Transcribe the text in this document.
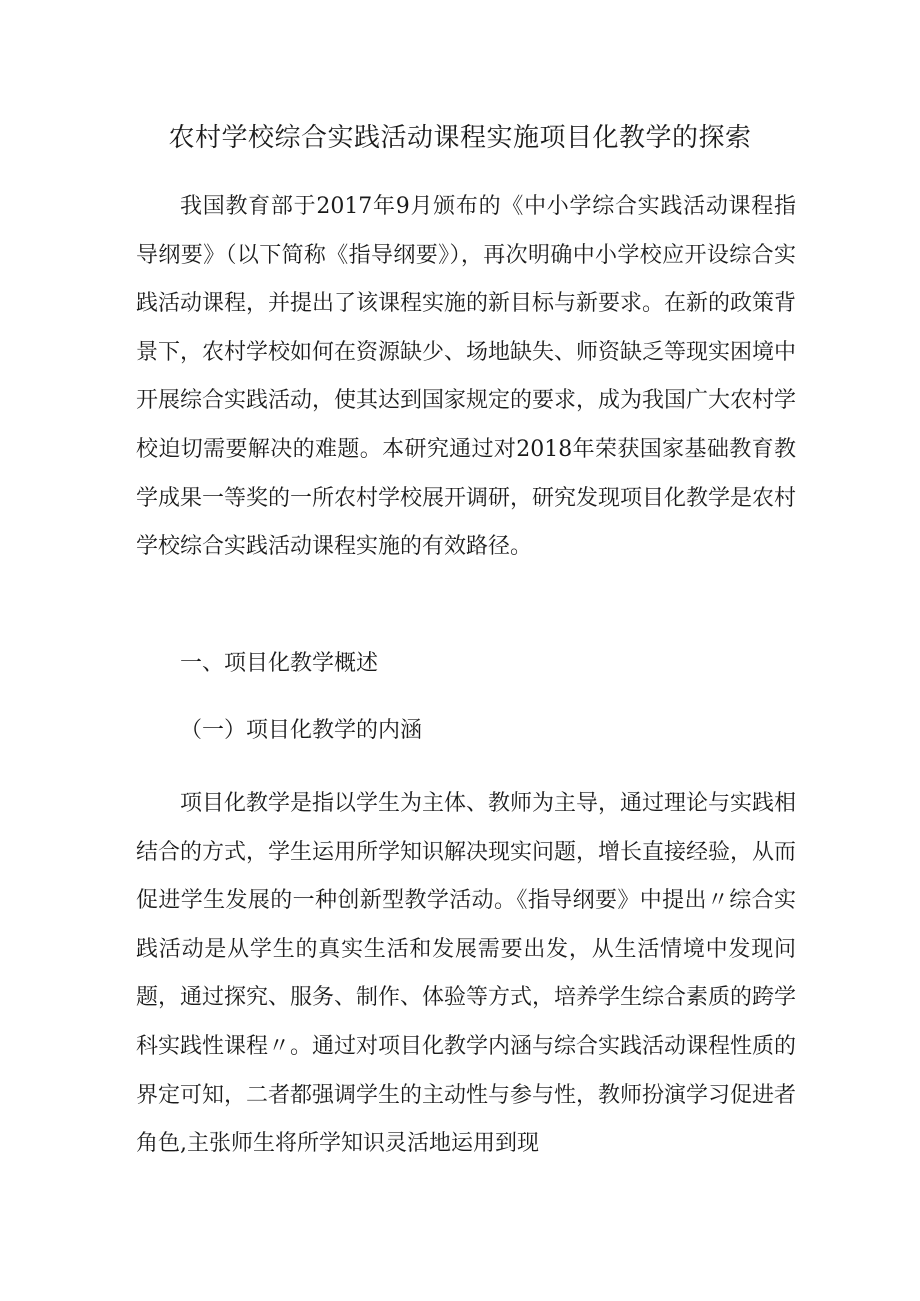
农村学校综合实践活动课程实施项目化教学的探索

我国教育部于2017年9月颁布的《中小学综合实践活动课程指导纲要》（以下简称《指导纲要》），再次明确中小学校应开设综合实践活动课程，并提出了该课程实施的新目标与新要求。在新的政策背景下，农村学校如何在资源缺少、场地缺失、师资缺乏等现实困境中开展综合实践活动，使其达到国家规定的要求，成为我国广大农村学校迫切需要解决的难题。本研究通过对2018年荣获国家基础教育教学成果一等奖的一所农村学校展开调研，研究发现项目化教学是农村学校综合实践活动课程实施的有效路径。

一、项目化教学概述
（一）项目化教学的内涵

项目化教学是指以学生为主体、教师为主导，通过理论与实践相结合的方式，学生运用所学知识解决现实问题，增长直接经验，从而促进学生发展的一种创新型教学活动。《指导纲要》中提出〃综合实践活动是从学生的真实生活和发展需要出发，从生活情境中发现问题，通过探究、服务、制作、体验等方式，培养学生综合素质的跨学科实践性课程〃。通过对项目化教学内涵与综合实践活动课程性质的界定可知，二者都强调学生的主动性与参与性，教师扮演学习促进者角色,主张师生将所学知识灵活地运用到现
